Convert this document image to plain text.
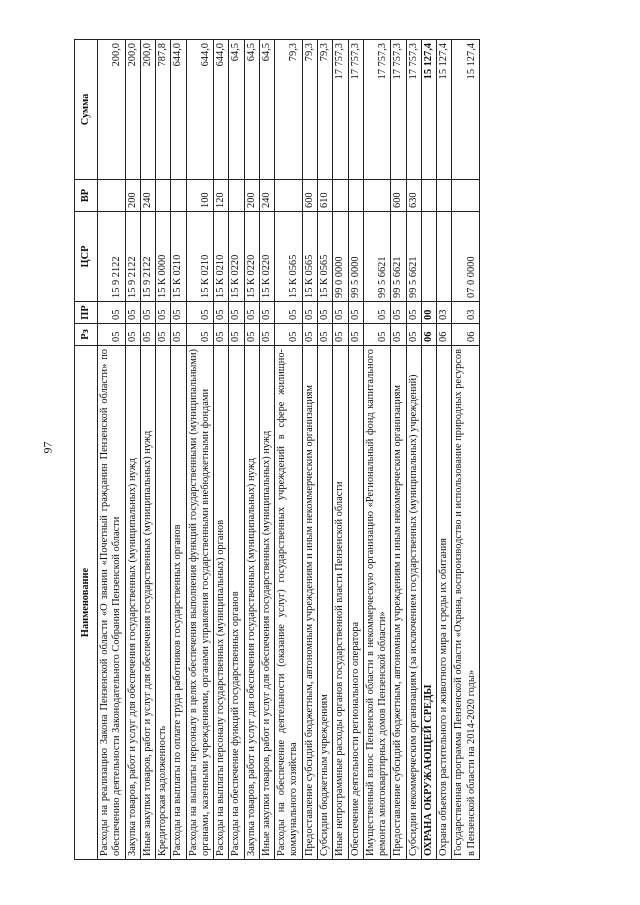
97
Наименование	Рз	ПР	ЦСР	ВР	Сумма
Расходы на реализацию Закона Пензенской области «О звании «Почетный гражданин Пензенской области» по обеспечению деятельности Законодательного Собрания Пензенской области	05	05	15 9 2122		200,0
Закупка товаров, работ и услуг для обеспечения государственных (муниципальных) нужд	05	05	15 9 2122	200	200,0
Иные закупки товаров, работ и услуг для обеспечения государственных (муниципальных) нужд	05	05	15 9 2122	240	200,0
Кредиторская задолженность	05	05	15 К 0000		787,8
Расходы на выплаты по оплате труда работников государственных органов	05	05	15 К 0210		644,0
Расходы на выплаты персоналу в целях обеспечения выполнения функций государственными (муниципальными) органами, казенными учреждениями, органами управления государственными внебюджетными фондами	05	05	15 К 0210	100	644,0
Расходы на выплаты персоналу государственных (муниципальных) органов	05	05	15 К 0210	120	644,0
Расходы на обеспечение функций государственных органов	05	05	15 К 0220		64,5
Закупка товаров, работ и услуг для обеспечения государственных (муниципальных) нужд	05	05	15 К 0220	200	64,5
Иные закупки товаров, работ и услуг для обеспечения государственных (муниципальных) нужд	05	05	15 К 0220	240	64,5
Расходы на обеспечение деятельности (оказание услуг) государственных учреждений в сфере жилищно-коммунального хозяйства	05	05	15 К 0565		79,3
Предоставление субсидий бюджетным, автономным учреждениям и иным некоммерческим организациям	05	05	15 К 0565	600	79,3
Субсидии бюджетным учреждениям	05	05	15 К 0565	610	79,3
Иные непрограммные расходы органов государственной власти Пензенской области	05	05	99 0 0000		17 757,3
Обеспечение деятельности регионального оператора	05	05	99 5 0000		17 757,3
Имущественный взнос Пензенской области в некоммерческую организацию «Региональный фонд капитального ремонта многоквартирных домов Пензенской области»	05	05	99 5 6621		17 757,3
Предоставление субсидий бюджетным, автономным учреждениям и иным некоммерческим организациям	05	05	99 5 6621	600	17 757,3
Субсидии некоммерческим организациям (за исключением государственных (муниципальных) учреждений)	05	05	99 5 6621	630	17 757,3
ОХРАНА ОКРУЖАЮЩЕЙ СРЕДЫ	06	00			15 127,4
Охрана объектов растительного и животного мира и среды их обитания	06	03			15 127,4
Государственная программа Пензенской области «Охрана, воспроизводство и использование природных ресурсов в Пензенской области на 2014-2020 годы»	06	03	07 0 0000		15 127,4
